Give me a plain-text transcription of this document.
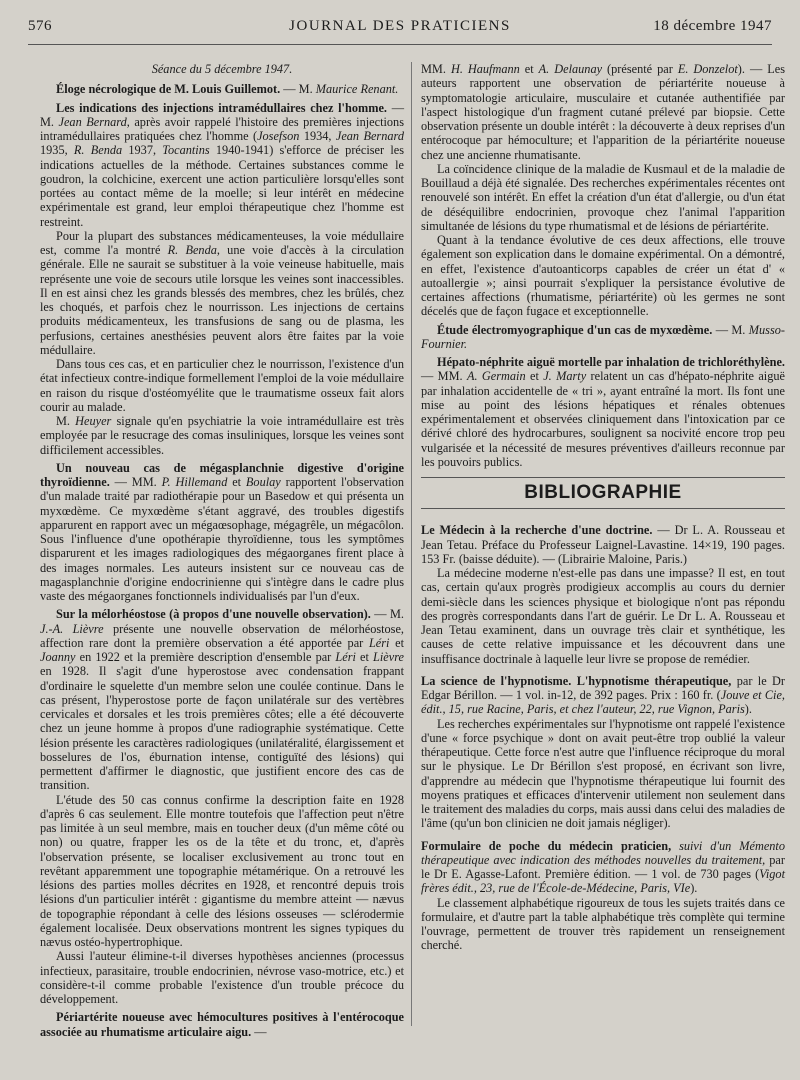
576	JOURNAL DES PRATICIENS	18 décembre 1947

Séance du 5 décembre 1947.

Éloge nécrologique de M. Louis Guillemot. — M. Maurice Renant.

Les indications des injections intramédullaires chez l'homme. — M. Jean Bernard, après avoir rappelé l'histoire des premières injections intramédullaires pratiquées chez l'homme (Josefson 1934, Jean Bernard 1935, R. Benda 1937, Tocantins 1940-1941) s'efforce de préciser les indications actuelles de la méthode. Certaines substances comme le goudron, la colchicine, exercent une action particulière lorsqu'elles sont portées au contact même de la moelle; si leur intérêt en médecine expérimentale est grand, leur emploi thérapeutique chez l'homme est restreint.

Pour la plupart des substances médicamenteuses, la voie médullaire est, comme l'a montré R. Benda, une voie d'accès à la circulation générale. Elle ne saurait se substituer à la voie veineuse habituelle, mais représente une voie de secours utile lorsque les veines sont inaccessibles. Il en est ainsi chez les grands blessés des membres, chez les brûlés, chez les choqués, et parfois chez le nourrisson. Les injections de certains produits médicamenteux, les transfusions de sang ou de plasma, les perfusions, certaines anesthésies peuvent alors être faites par la voie médullaire.

Dans tous ces cas, et en particulier chez le nourrisson, l'existence d'un état infectieux contre-indique formellement l'emploi de la voie médullaire en raison du risque d'ostéomyélite que le traumatisme osseux fait alors courir au malade.

M. Heuyer signale qu'en psychiatrie la voie intramédullaire est très employée par le resucrage des comas insuliniques, lorsque les veines sont difficilement accessibles.

Un nouveau cas de mégasplanchnie digestive d'origine thyroïdienne. — MM. P. Hillemand et Boulay rapportent l'observation d'un malade traité par radiothérapie pour un Basedow et qui présenta un myxœdème. Ce myxœdème s'étant aggravé, des troubles digestifs apparurent en rapport avec un mégaœsophage, mégagrêle, un mégacôlon. Sous l'influence d'une opothérapie thyroïdienne, tous les symptômes disparurent et les images radiologiques des mégaorganes firent place à des images normales. Les auteurs insistent sur ce nouveau cas de magasplanchnie d'origine endocrinienne qui s'intègre dans le cadre plus vaste des mégaorganes fonctionnels individualisés par l'un d'eux.

Sur la mélorhéostose (à propos d'une nouvelle observation). — M. J.-A. Lièvre présente une nouvelle observation de mélorhéostose, affection rare dont la première observation a été apportée par Léri et Joanny en 1922 et la première description d'ensemble par Léri et Lièvre en 1928. Il s'agit d'une hyperostose avec condensation frappant d'ordinaire le squelette d'un membre selon une coulée continue. Dans le cas présent, l'hyperostose porte de façon unilatérale sur des vertèbres cervicales et dorsales et les trois premières côtes; elle a été découverte chez un jeune homme à propos d'une radiographie systématique. Cette lésion présente les caractères radiologiques (unilatéralité, élargissement et bosselures de l'os, éburnation intense, contiguïté des lésions) qui permettent d'affirmer le diagnostic, que justifient encore des cas de transition.

L'étude des 50 cas connus confirme la description faite en 1928 d'après 6 cas seulement. Elle montre toutefois que l'affection peut n'être pas limitée à un seul membre, mais en toucher deux (d'un même côté ou non) ou quatre, frapper les os de la tête et du tronc, et, d'après l'observation présente, se localiser exclusivement au tronc tout en revêtant apparemment une topographie métamérique. On a retrouvé les lésions des parties molles décrites en 1928, et rencontré depuis trois lésions d'un particulier intérêt : gigantisme du membre atteint — nævus de topographie répondant à celle des lésions osseuses — sclérodermie également localisée. Deux observations montrent les signes typiques du nævus ostéo-hypertrophique.

Aussi l'auteur élimine-t-il diverses hypothèses anciennes (processus infectieux, parasitaire, trouble endocrinien, névrose vaso-motrice, etc.) et considère-t-il comme probable l'existence d'un trouble précoce du développement.

Périartérite noueuse avec hémocultures positives à l'entérocoque associée au rhumatisme articulaire aigu. —

MM. H. Haufmann et A. Delaunay (présenté par E. Donzelot). — Les auteurs rapportent une observation de périartérite noueuse à symptomatologie articulaire, musculaire et cutanée authentifiée par l'aspect histologique d'un fragment cutané prélevé par biopsie. Cette observation présente un double intérêt : la découverte à deux reprises d'un entérocoque par hémoculture; et l'apparition de la périartérite noueuse chez une ancienne rhumatisante.

La coïncidence clinique de la maladie de Kusmaul et de la maladie de Bouillaud a déjà été signalée. Des recherches expérimentales récentes ont renouvelé son intérêt. En effet la création d'un état d'allergie, ou d'un état de déséquilibre endocrinien, provoque chez l'animal l'apparition simultanée de lésions du type rhumatismal et de lésions de périartérite.

Quant à la tendance évolutive de ces deux affections, elle trouve également son explication dans le domaine expérimental. On a démontré, en effet, l'existence d'autoanticorps capables de créer un état d' « autoallergie »; ainsi pourrait s'expliquer la persistance évolutive de certaines affections (rhumatisme, périartérite) où les germes ne sont décelés que de façon fugace et exceptionnelle.

Étude électromyographique d'un cas de myxœdème. — M. Musso-Fournier.

Hépato-néphrite aiguë mortelle par inhalation de trichloréthylène. — MM. A. Germain et J. Marty relatent un cas d'hépato-néphrite aiguë par inhalation accidentelle de « tri », ayant entraîné la mort. Ils font une mise au point des lésions hépatiques et rénales obtenues expérimentalement et observées cliniquement dans l'intoxication par ce dérivé chloré des hydrocarbures, soulignent sa nocivité encore trop peu vulgarisée et la nécessité de mesures préventives d'ailleurs reconnue par les pouvoirs publics.

BIBLIOGRAPHIE

Le Médecin à la recherche d'une doctrine. — Dr L. A. Rousseau et Jean Tetau. Préface du Professeur Laignel-Lavastine. 14×19, 190 pages. 153 Fr. (baisse déduite). — (Librairie Maloine, Paris.)

La médecine moderne n'est-elle pas dans une impasse? Il est, en tout cas, certain qu'aux progrès prodigieux accomplis au cours du dernier demi-siècle dans les sciences physique et biologique n'ont pas répondu des progrès correspondants dans l'art de guérir. Le Dr L. A. Rousseau et Jean Tetau examinent, dans un ouvrage très clair et synthétique, les causes de cette relative impuissance et les découvrent dans une insuffisance doctrinale à laquelle leur livre se propose de remédier.

La science de l'hypnotisme. L'hypnotisme thérapeutique, par le Dr Edgar Bérillon. — 1 vol. in-12, de 392 pages. Prix : 160 fr. (Jouve et Cie, édit., 15, rue Racine, Paris, et chez l'auteur, 22, rue Vignon, Paris).

Les recherches expérimentales sur l'hypnotisme ont rappelé l'existence d'une « force psychique » dont on avait peut-être trop oublié la valeur thérapeutique. Cette force n'est autre que l'influence réciproque du moral sur le physique. Le Dr Bérillon s'est proposé, en écrivant son livre, d'apprendre au médecin que l'hypnotisme thérapeutique lui fournit des moyens pratiques et efficaces d'intervenir utilement non seulement dans le traitement des maladies du corps, mais aussi dans celui des maladies de l'âme (qu'un bon clinicien ne doit jamais négliger).

Formulaire de poche du médecin praticien, suivi d'un Mémento thérapeutique avec indication des méthodes nouvelles du traitement, par le Dr E. Agasse-Lafont. Première édition. — 1 vol. de 730 pages (Vigot frères édit., 23, rue de l'École-de-Médecine, Paris, VIe).

Le classement alphabétique rigoureux de tous les sujets traités dans ce formulaire, et d'autre part la table alphabétique très complète qui termine l'ouvrage, permettent de trouver très rapidement un renseignement cherché.
